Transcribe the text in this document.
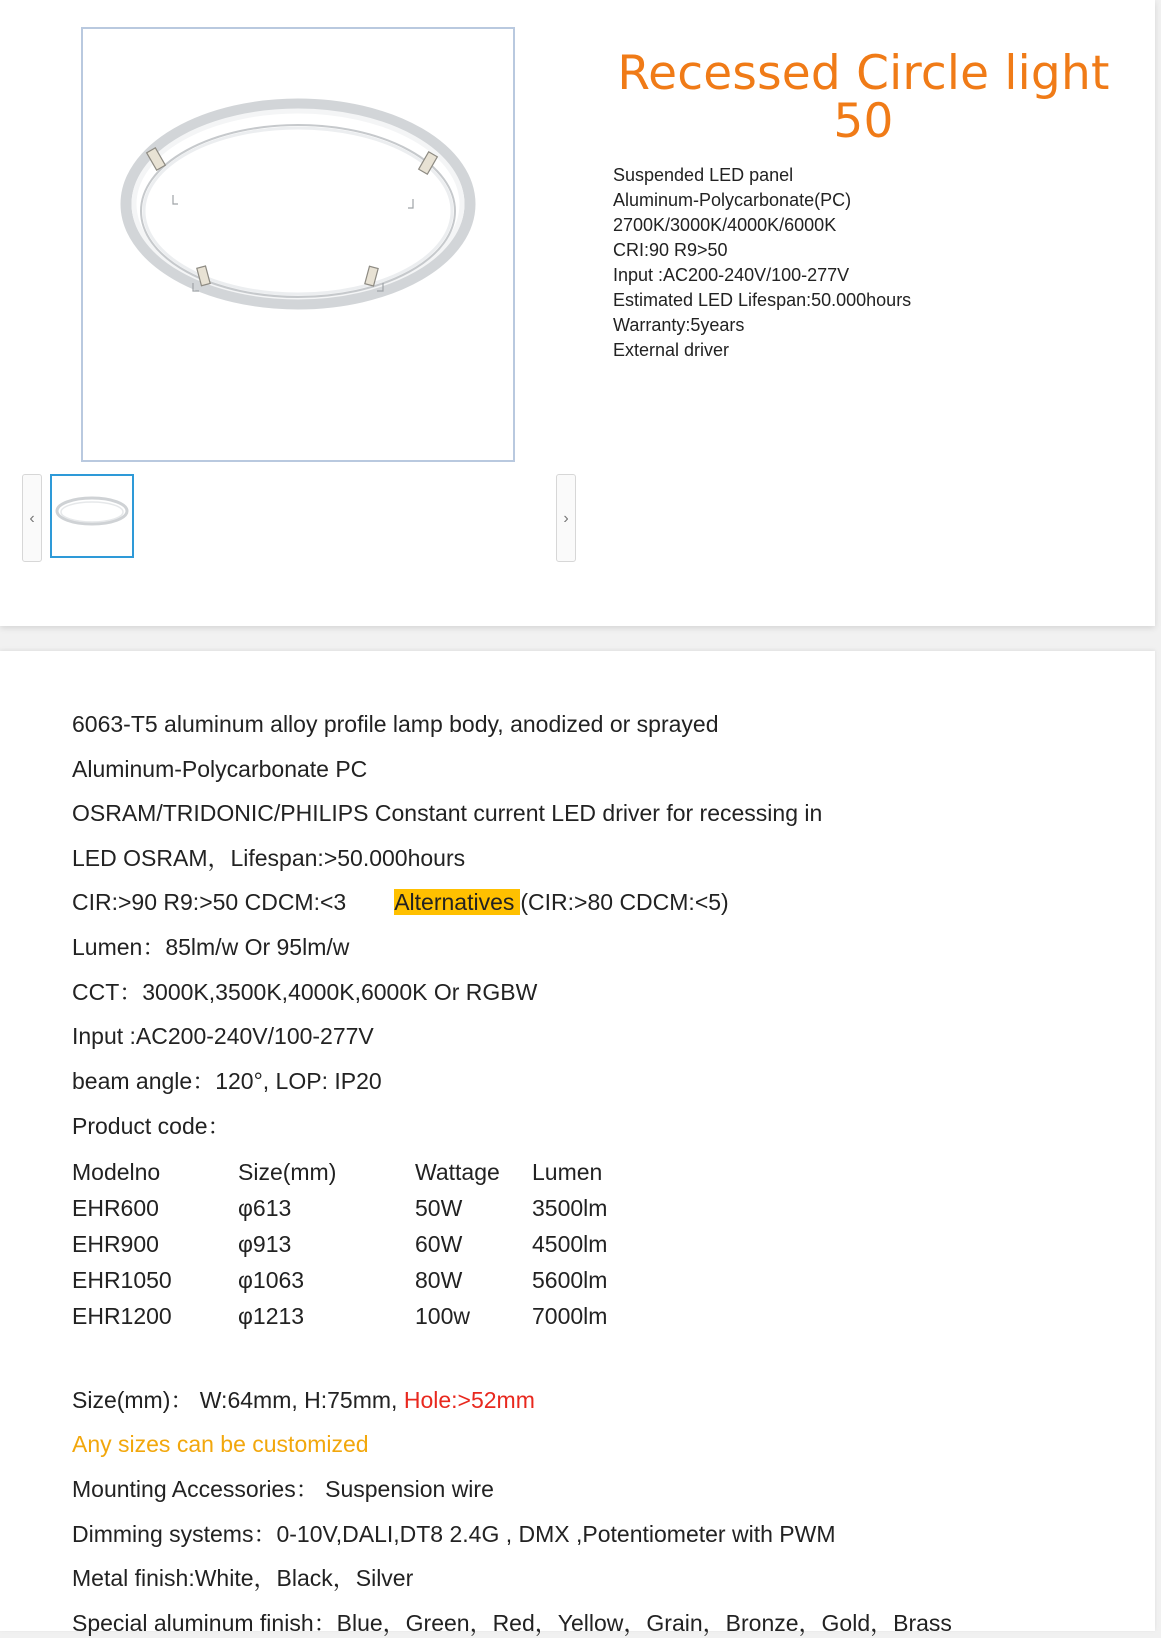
‹	›
Recessed Circle light
50
Suspended LED panel
Aluminum-Polycarbonate(PC)
2700K/3000K/4000K/6000K
CRI:90 R9>50
Input :AC200-240V/100-277V
Estimated LED Lifespan:50.000hours
Warranty:5years
External driver
6063-T5 aluminum alloy profile lamp body, anodized or sprayed
Aluminum-Polycarbonate PC
OSRAM/TRIDONIC/PHILIPS Constant current LED driver for recessing in
LED OSRAM，Lifespan:>50.000hours
CIR:>90 R9:>50 CDCM:<3 Alternatives (CIR:>80 CDCM:<5)
Lumen：85lm/w Or 95lm/w
CCT：3000K,3500K,4000K,6000K Or RGBW
Input :AC200-240V/100-277V
beam angle：120°, LOP: IP20
Product code：
Modelno	Size(mm)	Wattage Lumen
EHR600	φ613	50W	3500lm
EHR900	φ913	60W	4500lm
EHR1050	φ1063	80W	5600lm
EHR1200	φ1213	100w	7000lm
Size(mm)： W:64mm, H:75mm, Hole:>52mm
Any sizes can be customized
Mounting Accessories： Suspension wire
Dimming systems：0-10V,DALI,DT8 2.4G , DMX ,Potentiometer with PWM
Metal finish:White，Black，Silver
Special aluminum finish：Blue，Green，Red，Yellow，Grain，Bronze，Gold，Brass
